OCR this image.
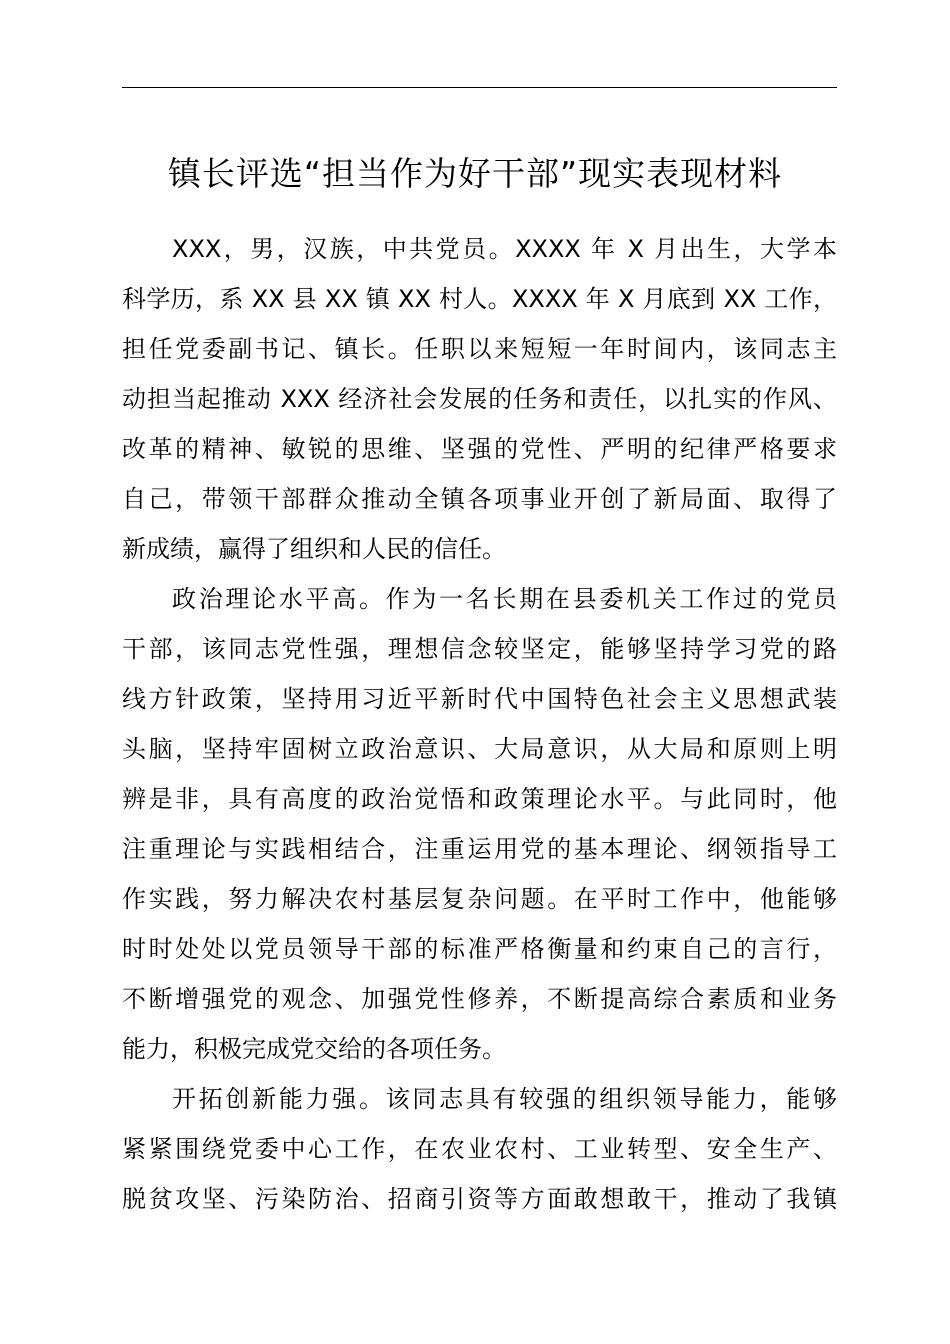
镇长评选“担当作为好干部”现实表现材料
XXX，男，汉族，中共党员。XXXX 年 X 月出生，大学本
科学历，系 XX 县 XX 镇 XX 村人。XXXX 年 X 月底到 XX 工作，
担任党委副书记、镇长。任职以来短短一年时间内，该同志主
动担当起推动 XXX 经济社会发展的任务和责任，以扎实的作风、
改革的精神、敏锐的思维、坚强的党性、严明的纪律严格要求
自己，带领干部群众推动全镇各项事业开创了新局面、取得了
新成绩，赢得了组织和人民的信任。
政治理论水平高。作为一名长期在县委机关工作过的党员
干部，该同志党性强，理想信念较坚定，能够坚持学习党的路
线方针政策，坚持用习近平新时代中国特色社会主义思想武装
头脑，坚持牢固树立政治意识、大局意识，从大局和原则上明
辨是非，具有高度的政治觉悟和政策理论水平。与此同时，他
注重理论与实践相结合，注重运用党的基本理论、纲领指导工
作实践，努力解决农村基层复杂问题。在平时工作中，他能够
时时处处以党员领导干部的标准严格衡量和约束自己的言行，
不断增强党的观念、加强党性修养，不断提高综合素质和业务
能力，积极完成党交给的各项任务。
开拓创新能力强。该同志具有较强的组织领导能力，能够
紧紧围绕党委中心工作，在农业农村、工业转型、安全生产、
脱贫攻坚、污染防治、招商引资等方面敢想敢干，推动了我镇
